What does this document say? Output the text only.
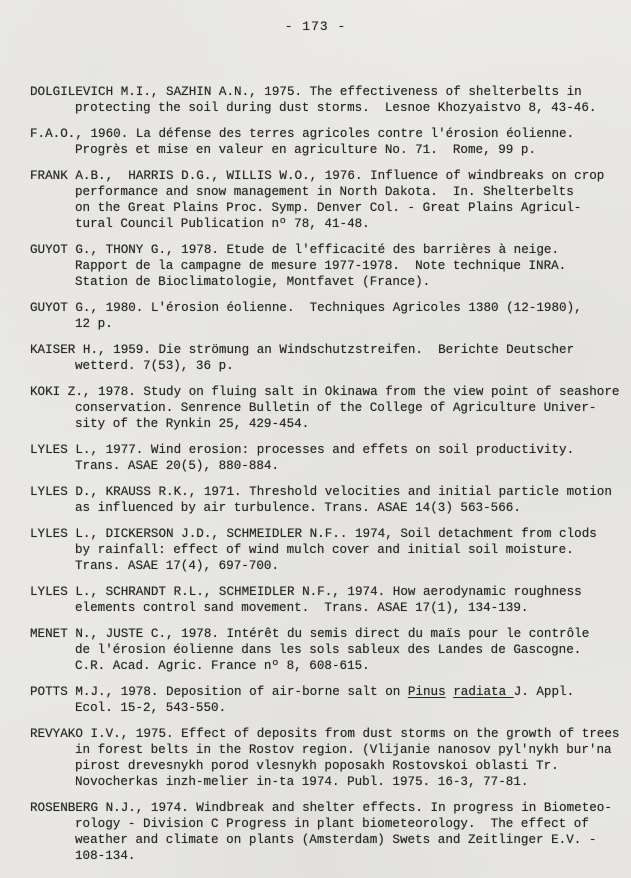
- 173 -
DOLGILEVICH M.I., SAZHIN A.N., 1975. The effectiveness of shelterbelts in
protecting the soil during dust storms.  Lesnoe Khozyaistvo 8, 43-46.
F.A.O., 1960. La défense des terres agricoles contre l'érosion éolienne.
Progrès et mise en valeur en agriculture No. 71.  Rome, 99 p.
FRANK A.B.,  HARRIS D.G., WILLIS W.O., 1976. Influence of windbreaks on crop
performance and snow management in North Dakota.  In. Shelterbelts
on the Great Plains Proc. Symp. Denver Col. - Great Plains Agricul-
tural Council Publication nº 78, 41-48.
GUYOT G., THONY G., 1978. Etude de l'efficacité des barrières à neige.
Rapport de la campagne de mesure 1977-1978.  Note technique INRA.
Station de Bioclimatologie, Montfavet (France).
GUYOT G., 1980. L'érosion éolienne.  Techniques Agricoles 1380 (12-1980),
12 p.
KAISER H., 1959. Die strömung an Windschutzstreifen.  Berichte Deutscher
wetterd. 7(53), 36 p.
KOKI Z., 1978. Study on fluing salt in Okinawa from the view point of seashore
conservation. Senrence Bulletin of the College of Agriculture Univer-
sity of the Rynkin 25, 429-454.
LYLES L., 1977. Wind erosion: processes and effets on soil productivity.
Trans. ASAE 20(5), 880-884.
LYLES D., KRAUSS R.K., 1971. Threshold velocities and initial particle motion
as influenced by air turbulence. Trans. ASAE 14(3) 563-566.
LYLES L., DICKERSON J.D., SCHMEIDLER N.F.. 1974, Soil detachment from clods
by rainfall: effect of wind mulch cover and initial soil moisture.
Trans. ASAE 17(4), 697-700.
LYLES L., SCHRANDT R.L., SCHMEIDLER N.F., 1974. How aerodynamic roughness
elements control sand movement.  Trans. ASAE 17(1), 134-139.
MENET N., JUSTE C., 1978. Intérêt du semis direct du maïs pour le contrôle
de l'érosion éolienne dans les sols sableux des Landes de Gascogne.
C.R. Acad. Agric. France nº 8, 608-615.
POTTS M.J., 1978. Deposition of air-borne salt on Pinus radiata J. Appl.
Ecol. 15-2, 543-550.
REVYAKO I.V., 1975. Effect of deposits from dust storms on the growth of trees
in forest belts in the Rostov region. (Vlijanie nanosov pyl'nykh bur'na
pirost drevesnykh porod vlesnykh poposakh Rostovskoi oblasti Tr.
Novocherkas inzh-melier in-ta 1974. Publ. 1975. 16-3, 77-81.
ROSENBERG N.J., 1974. Windbreak and shelter effects. In progress in Biometeo-
rology - Division C Progress in plant biometeorology.  The effect of
weather and climate on plants (Amsterdam) Swets and Zeitlinger E.V. -
108-134.
